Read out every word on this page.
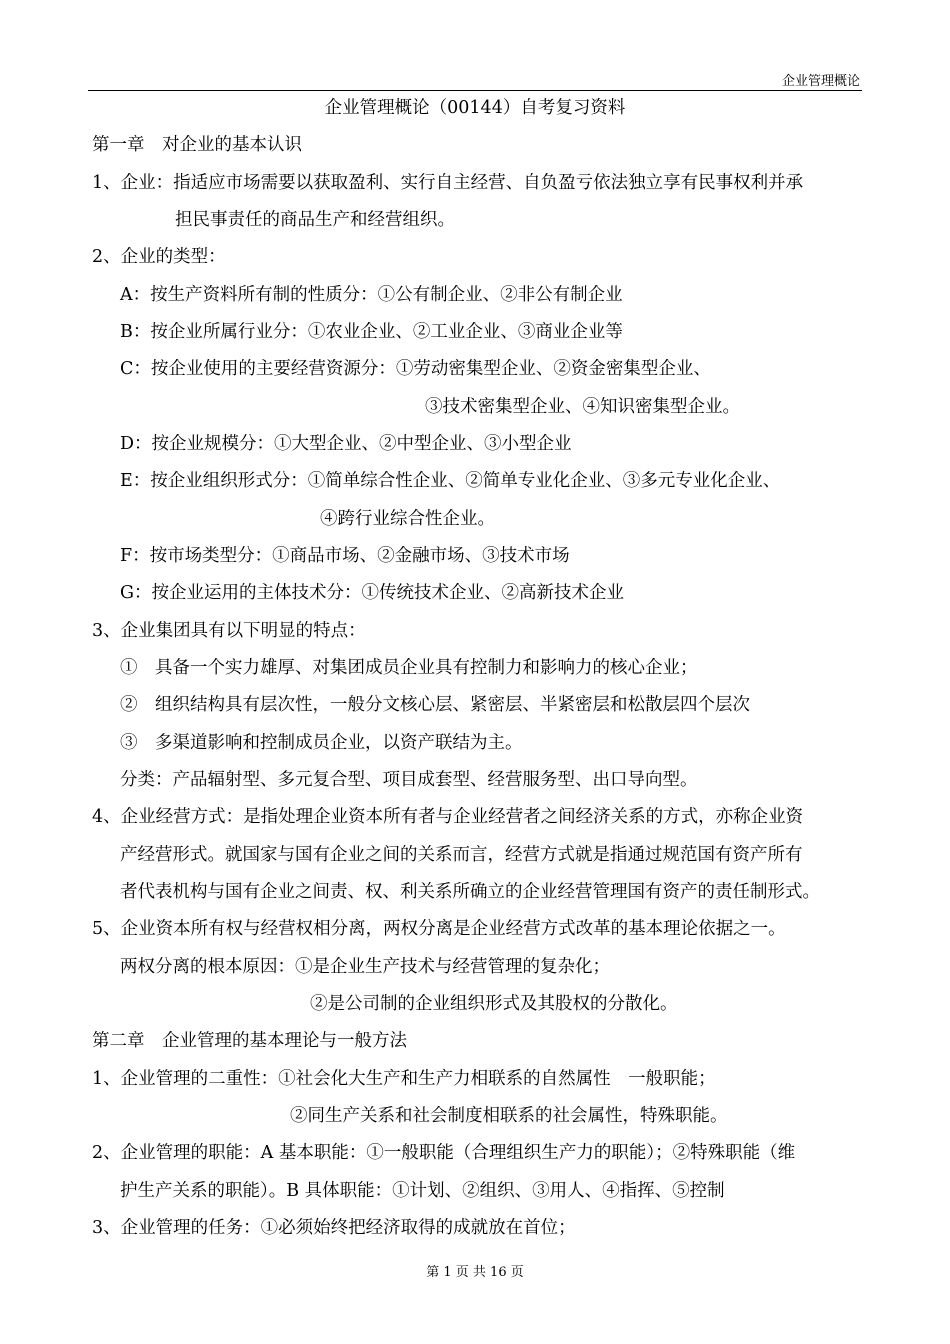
企业管理概论
企业管理概论（00144）自考复习资料
第一章　对企业的基本认识
1、企业：指适应市场需要以获取盈利、实行自主经营、自负盈亏依法独立享有民事权利并承
担民事责任的商品生产和经营组织。
2、企业的类型：
A：按生产资料所有制的性质分：①公有制企业、②非公有制企业
B：按企业所属行业分：①农业企业、②工业企业、③商业企业等
C：按企业使用的主要经营资源分：①劳动密集型企业、②资金密集型企业、
③技术密集型企业、④知识密集型企业。
D：按企业规模分：①大型企业、②中型企业、③小型企业
E：按企业组织形式分：①简单综合性企业、②简单专业化企业、③多元专业化企业、
④跨行业综合性企业。
F：按市场类型分：①商品市场、②金融市场、③技术市场
G：按企业运用的主体技术分：①传统技术企业、②高新技术企业
3、企业集团具有以下明显的特点：
①　具备一个实力雄厚、对集团成员企业具有控制力和影响力的核心企业；
②　组织结构具有层次性，一般分文核心层、紧密层、半紧密层和松散层四个层次
③　多渠道影响和控制成员企业，以资产联结为主。
分类：产品辐射型、多元复合型、项目成套型、经营服务型、出口导向型。
4、企业经营方式：是指处理企业资本所有者与企业经营者之间经济关系的方式，亦称企业资
产经营形式。就国家与国有企业之间的关系而言，经营方式就是指通过规范国有资产所有
者代表机构与国有企业之间责、权、利关系所确立的企业经营管理国有资产的责任制形式。
5、企业资本所有权与经营权相分离，两权分离是企业经营方式改革的基本理论依据之一。
两权分离的根本原因：①是企业生产技术与经营管理的复杂化；
②是公司制的企业组织形式及其股权的分散化。
第二章　企业管理的基本理论与一般方法
1、企业管理的二重性：①社会化大生产和生产力相联系的自然属性　一般职能；
②同生产关系和社会制度相联系的社会属性，特殊职能。
2、企业管理的职能：A 基本职能：①一般职能（合理组织生产力的职能）；②特殊职能（维
护生产关系的职能）。B 具体职能：①计划、②组织、③用人、④指挥、⑤控制
3、企业管理的任务：①必须始终把经济取得的成就放在首位；
第 1 页 共 16 页
